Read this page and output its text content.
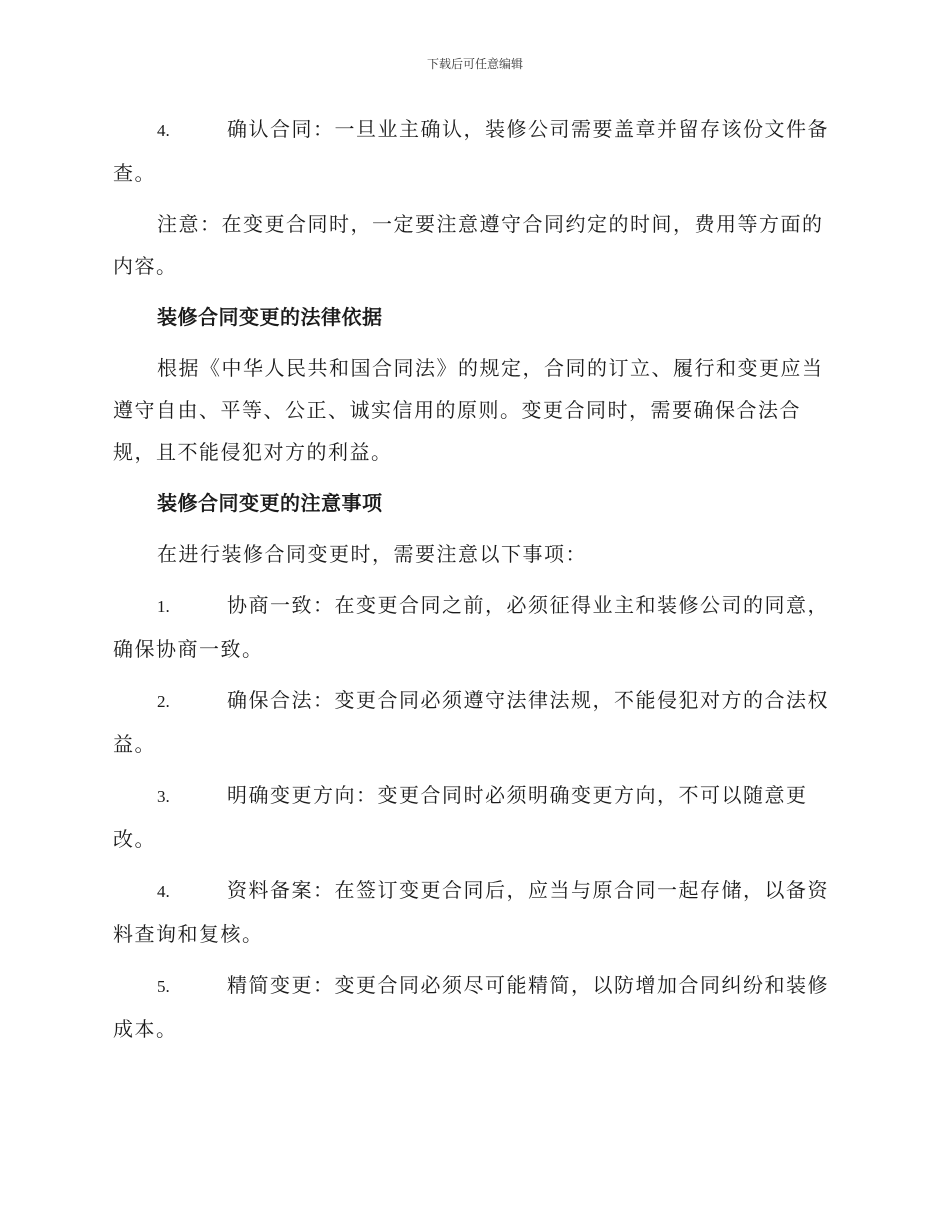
下载后可任意编辑

4.	确认合同：一旦业主确认，装修公司需要盖章并留存该份文件备查。

注意：在变更合同时，一定要注意遵守合同约定的时间，费用等方面的内容。

装修合同变更的法律依据

根据《中华人民共和国合同法》的规定，合同的订立、履行和变更应当遵守自由、平等、公正、诚实信用的原则。变更合同时，需要确保合法合规，且不能侵犯对方的利益。

装修合同变更的注意事项

在进行装修合同变更时，需要注意以下事项：

1.	协商一致：在变更合同之前，必须征得业主和装修公司的同意，确保协商一致。

2.	确保合法：变更合同必须遵守法律法规，不能侵犯对方的合法权益。

3.	明确变更方向：变更合同时必须明确变更方向，不可以随意更改。

4.	资料备案：在签订变更合同后，应当与原合同一起存储，以备资料查询和复核。

5.	精简变更：变更合同必须尽可能精简，以防增加合同纠纷和装修成本。
